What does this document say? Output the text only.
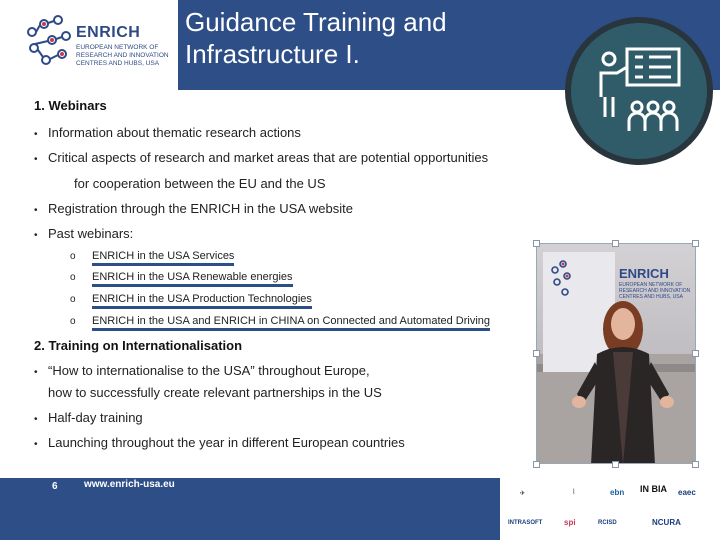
ENRICH
EUROPEAN NETWORK OF RESEARCH AND INNOVATION CENTRES AND HUBS, USA
Guidance Training and
Infrastructure I.
1. Webinars
• Information about thematic research actions
• Critical aspects of research and market areas that are potential opportunities
for cooperation between the EU and the US
• Registration through the ENRICH in the USA website
• Past webinars:
o ENRICH in the USA Services
o ENRICH in the USA Renewable energies
o ENRICH in the USA Production Technologies
o ENRICH in the USA and ENRICH in CHINA on Connected and Automated Driving
2. Training on Internationalisation
• “How to internationalise to the USA” throughout Europe,
how to successfully create relevant partnerships in the US
• Half-day training
• Launching throughout the year in different European countries
ENRICH
EUROPEAN NETWORK OF RESEARCH AND INNOVATION CENTRES AND HUBS, USA
6	www.enrich-usa.eu
✈	⌇	ebn IN BIA eaec
INTRASOFT	spi	RCISD	NCURA
